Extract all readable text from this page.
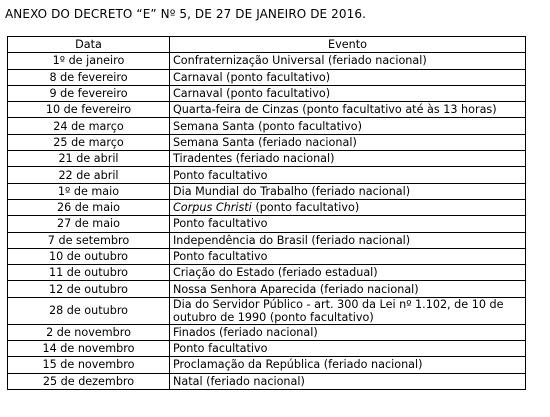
ANEXO DO DECRETO “E” Nº 5, DE 27 DE JANEIRO DE 2016.
Data	Evento
1º de janeiro	Confraternização Universal (feriado nacional)
8 de fevereiro	Carnaval (ponto facultativo)
9 de fevereiro	Carnaval (ponto facultativo)
10 de fevereiro	Quarta-feira de Cinzas (ponto facultativo até às 13 horas)
24 de março	Semana Santa (ponto facultativo)
25 de março	Semana Santa (feriado nacional)
21 de abril	Tiradentes (feriado nacional)
22 de abril	Ponto facultativo
1º de maio	Dia Mundial do Trabalho (feriado nacional)
26 de maio	Corpus Christi (ponto facultativo)
27 de maio	Ponto facultativo
7 de setembro	Independência do Brasil (feriado nacional)
10 de outubro	Ponto facultativo
11 de outubro	Criação do Estado (feriado estadual)
12 de outubro	Nossa Senhora Aparecida (feriado nacional)
28 de outubro	Dia do Servidor Público - art. 300 da Lei nº 1.102, de 10 de outubro de 1990 (ponto facultativo)
2 de novembro	Finados (feriado nacional)
14 de novembro	Ponto facultativo
15 de novembro	Proclamação da República (feriado nacional)
25 de dezembro	Natal (feriado nacional)
